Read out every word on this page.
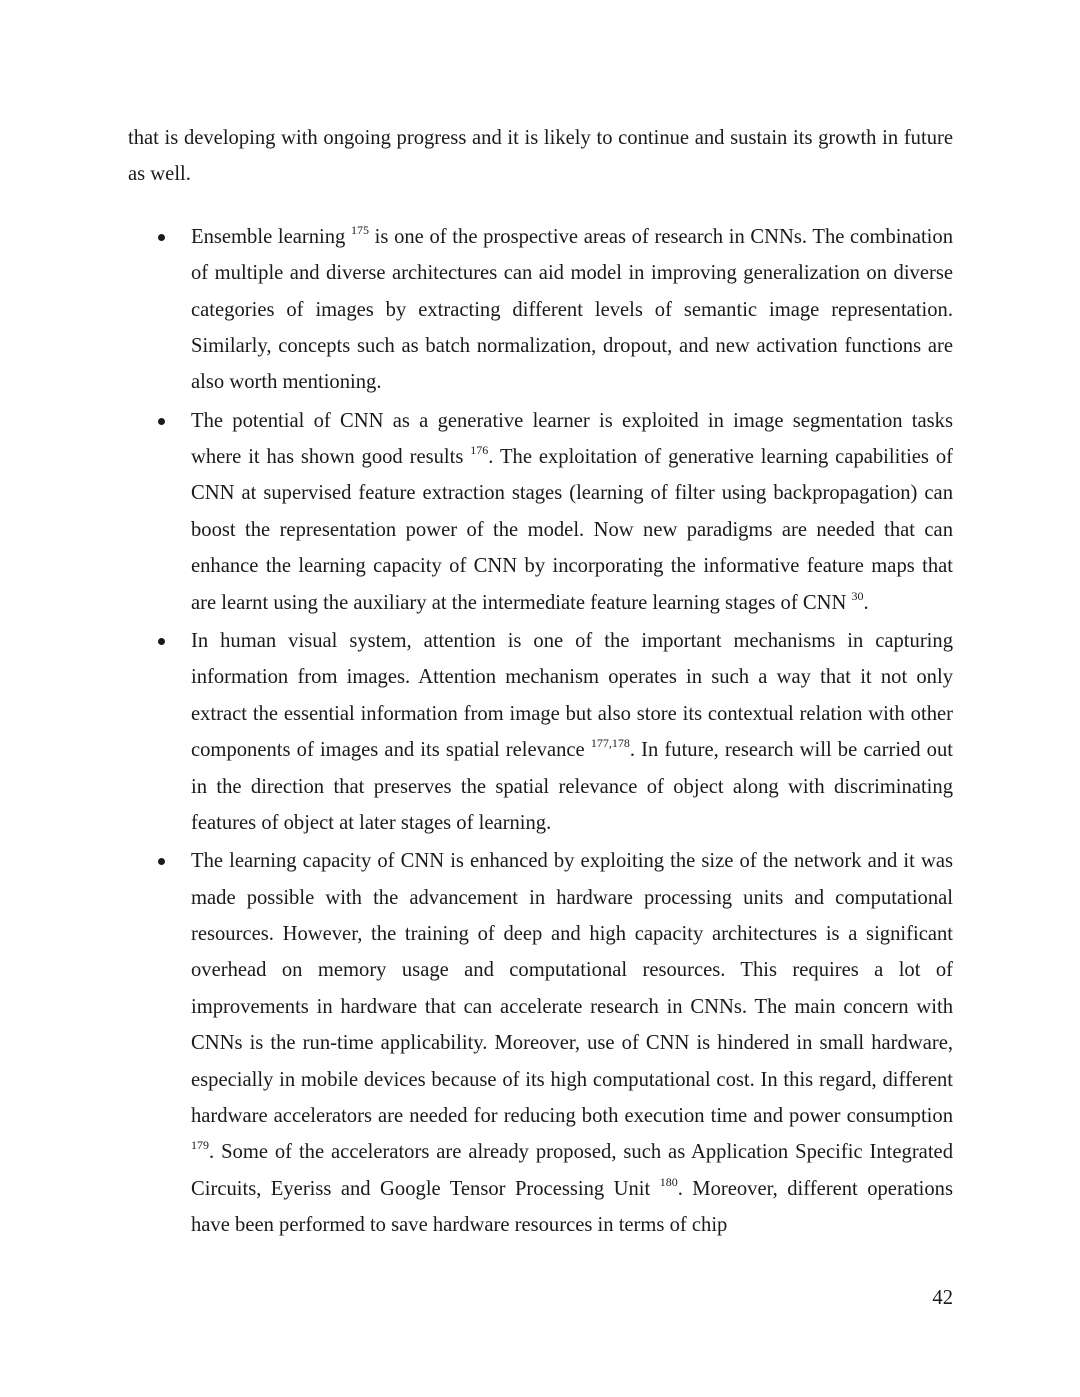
that is developing with ongoing progress and it is likely to continue and sustain its growth in future as well.

Ensemble learning $^{175}$ is one of the prospective areas of research in CNNs. The combination of multiple and diverse architectures can aid model in improving generalization on diverse categories of images by extracting different levels of semantic image representation. Similarly, concepts such as batch normalization, dropout, and new activation functions are also worth mentioning.
The potential of CNN as a generative learner is exploited in image segmentation tasks where it has shown good results $^{176}$. The exploitation of generative learning capabilities of CNN at supervised feature extraction stages (learning of filter using backpropagation) can boost the representation power of the model. Now new paradigms are needed that can enhance the learning capacity of CNN by incorporating the informative feature maps that are learnt using the auxiliary at the intermediate feature learning stages of CNN $^{30}$.
In human visual system, attention is one of the important mechanisms in capturing information from images. Attention mechanism operates in such a way that it not only extract the essential information from image but also store its contextual relation with other components of images and its spatial relevance $^{177,178}$. In future, research will be carried out in the direction that preserves the spatial relevance of object along with discriminating features of object at later stages of learning.
The learning capacity of CNN is enhanced by exploiting the size of the network and it was made possible with the advancement in hardware processing units and computational resources. However, the training of deep and high capacity architectures is a significant overhead on memory usage and computational resources. This requires a lot of improvements in hardware that can accelerate research in CNNs. The main concern with CNNs is the run-time applicability. Moreover, use of CNN is hindered in small hardware, especially in mobile devices because of its high computational cost. In this regard, different hardware accelerators are needed for reducing both execution time and power consumption $^{179}$. Some of the accelerators are already proposed, such as Application Specific Integrated Circuits, Eyeriss and Google Tensor Processing Unit $^{180}$. Moreover, different operations have been performed to save hardware resources in terms of chip
42
